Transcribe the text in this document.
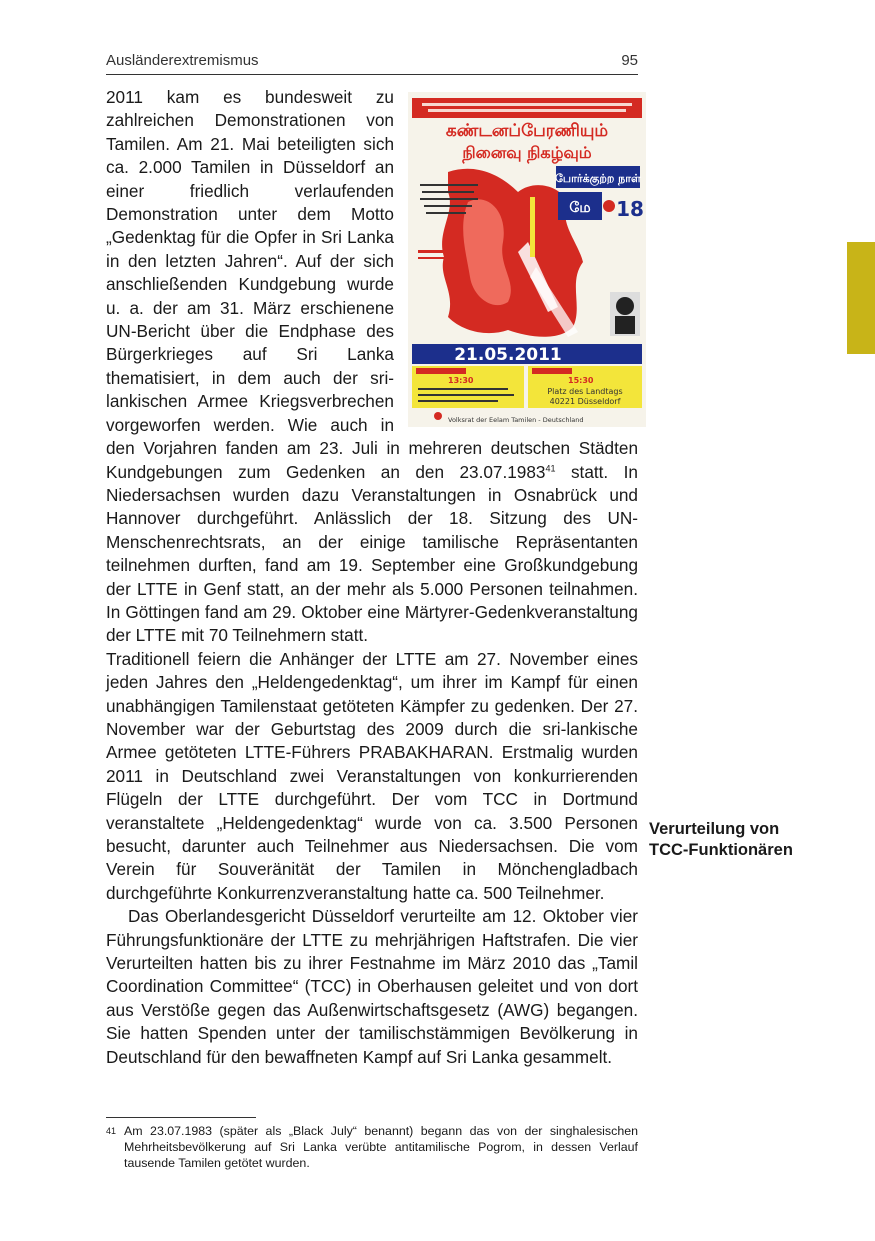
Ausländerextremismus	95

கண்டனப்பேரணியும்
நினைவு நிகழ்வும்
போர்க்குற்ற நாள்
மே 18
21.05.2011
13:30	15:30
Platz des Landtags
40221 Düsseldorf
Volksrat der Eelam Tamilen - Deutschland
2011 kam es bundesweit zu zahlreichen Demonstrationen von Tamilen. Am 21. Mai beteiligten sich ca. 2.000 Tamilen in Düsseldorf an einer friedlich verlaufenden Demonstration unter dem Motto „Gedenktag für die Opfer in Sri Lanka in den letzten Jahren“. Auf der sich anschließenden Kundgebung wurde u. a. der am 31. März erschienene UN-Bericht über die Endphase des Bürgerkrieges auf Sri Lanka thematisiert, in dem auch der sri-lankischen Armee Kriegsverbrechen vorgeworfen werden. Wie auch in den Vorjahren fanden am 23. Juli in mehreren deutschen Städten Kundgebungen zum Gedenken an den 23.07.1983$^{41}$ statt. In Niedersachsen wurden dazu Veranstaltungen in Osnabrück und Hannover durchgeführt. Anlässlich der 18. Sitzung des UN-Menschenrechtsrats, an der einige tamilische Repräsentanten teilnehmen durften, fand am 19. September eine Großkundgebung der LTTE in Genf statt, an der mehr als 5.000 Personen teilnahmen. In Göttingen fand am 29. Oktober eine Märtyrer-Gedenkveranstaltung der LTTE mit 70 Teilnehmern statt.

Traditionell feiern die Anhänger der LTTE am 27. November eines jeden Jahres den „Heldengedenktag“, um ihrer im Kampf für einen unabhängigen Tamilenstaat getöteten Kämpfer zu gedenken. Der 27. November war der Geburtstag des 2009 durch die sri-lankische Armee getöteten LTTE-Führers PRABAKHARAN. Erstmalig wurden 2011 in Deutschland zwei Veranstaltungen von konkurrierenden Flügeln der LTTE durchgeführt. Der vom TCC in Dortmund veranstaltete „Heldengedenktag“ wurde von ca. 3.500 Personen besucht, darunter auch Teilnehmer aus Niedersachsen. Die vom Verein für Souveränität der Tamilen in Mönchengladbach durchgeführte Konkurrenzveranstaltung hatte ca. 500 Teilnehmer.

Das Oberlandesgericht Düsseldorf verurteilte am 12. Oktober vier Führungsfunktionäre der LTTE zu mehrjährigen Haftstrafen. Die vier Verurteilten hatten bis zu ihrer Festnahme im März 2010 das „Tamil Coordination Committee“ (TCC) in Oberhausen geleitet und von dort aus Verstöße gegen das Außenwirtschaftsgesetz (AWG) begangen. Sie hatten Spenden unter der tamilischstämmigen Bevölkerung in Deutschland für den bewaffneten Kampf auf Sri Lanka gesammelt.

Verurteilung von
TCC-Funktionären
41 Am 23.07.1983 (später als „Black July“ benannt) begann das von der singhalesischen Mehrheitsbevölkerung auf Sri Lanka verübte antitamilische Pogrom, in dessen Verlauf tausende Tamilen getötet wurden.
